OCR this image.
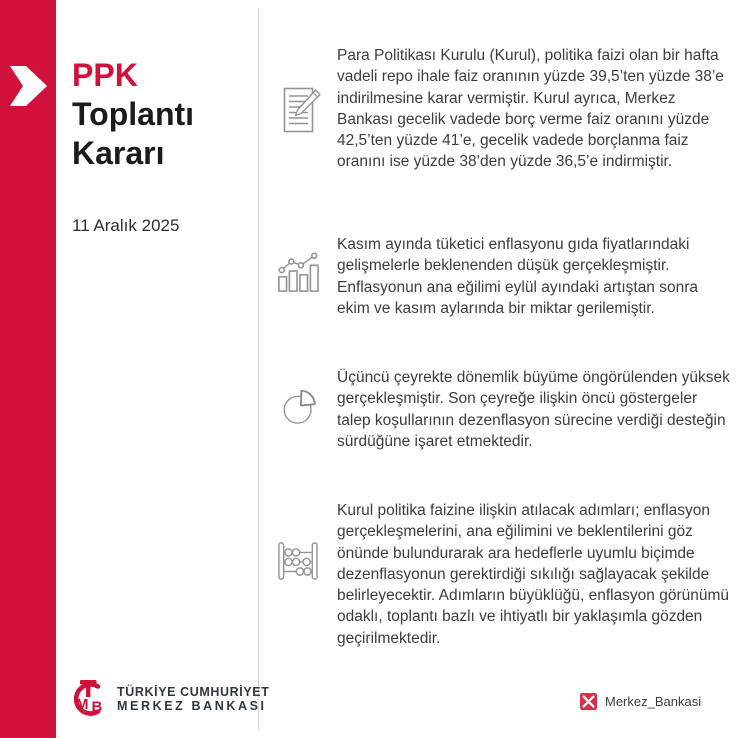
PPK
Toplantı
Kararı
11 Aralık 2025

Para Politikası Kurulu (Kurul), politika faizi olan bir hafta vadeli repo ihale faiz oranının yüzde 39,5’ten yüzde 38’e indirilmesine karar vermiştir. Kurul ayrıca, Merkez Bankası gecelik vadede borç verme faiz oranını yüzde 42,5’ten yüzde 41’e, gecelik vadede borçlanma faiz oranını ise yüzde 38’den yüzde 36,5’e indirmiştir.

Kasım ayında tüketici enflasyonu gıda fiyatlarındaki gelişmelerle beklenenden düşük gerçekleşmiştir. Enflasyonun ana eğilimi eylül ayındaki artıştan sonra ekim ve kasım aylarında bir miktar gerilemiştir.

Üçüncü çeyrekte dönemlik büyüme öngörülenden yüksek gerçekleşmiştir. Son çeyreğe ilişkin öncü göstergeler talep koşullarının dezenflasyon sürecine verdiği desteğin sürdüğüne işaret etmektedir.

Kurul politika faizine ilişkin atılacak adımları; enflasyon gerçekleşmelerini, ana eğilimini ve beklentilerini göz önünde bulundurarak ara hedeflerle uyumlu biçimde dezenflasyonun gerektirdiği sıkılığı sağlayacak şekilde belirleyecektir. Adımların büyüklüğü, enflasyon görünümü odaklı, toplantı bazlı ve ihtiyatlı bir yaklaşımla gözden geçirilmektedir.

M B
TÜRKİYE CUMHURİYET
MERKEZ BANKASI	Merkez_Bankasi
